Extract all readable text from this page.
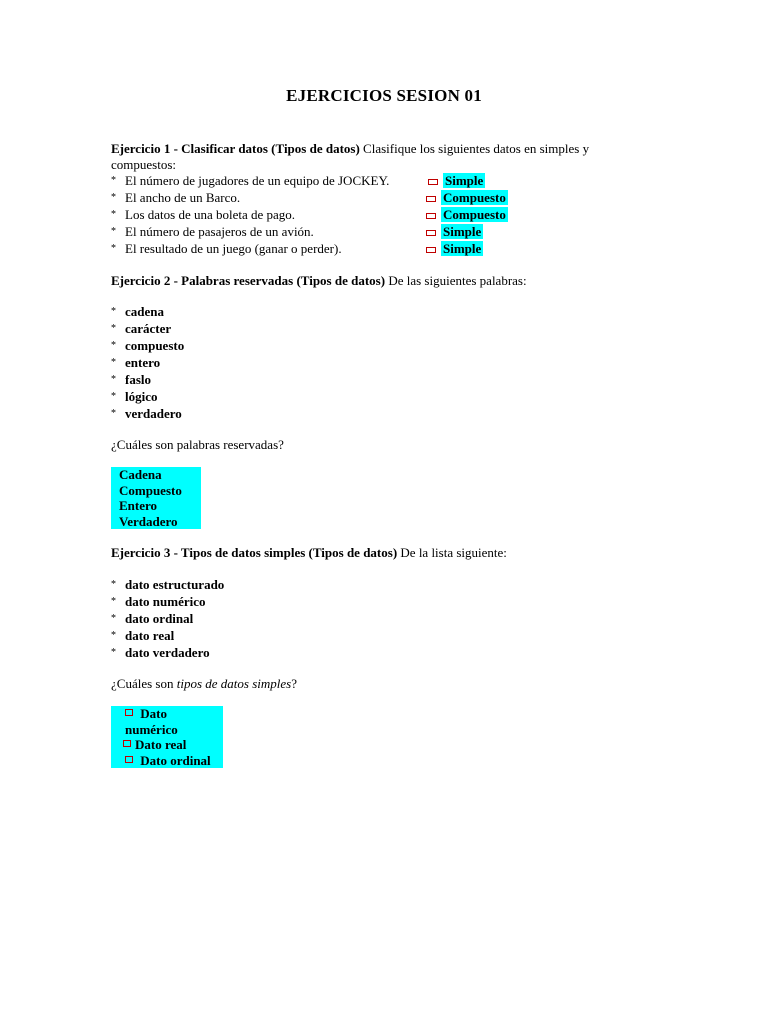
EJERCICIOS SESION 01
Ejercicio 1 - Clasificar datos (Tipos de datos) Clasifique los siguientes datos en simples y compuestos:
* El número de jugadores de un equipo de JOCKEY.	Simple
* El ancho de un Barco.	Compuesto
* Los datos de una boleta de pago.	Compuesto
* El número de pasajeros de un avión.	Simple
* El resultado de un juego (ganar o perder).	Simple
Ejercicio 2 - Palabras reservadas (Tipos de datos) De las siguientes palabras:
* cadena
* carácter
* compuesto
* entero
* faslo
* lógico
* verdadero
¿Cuáles son palabras reservadas?
Cadena
Compuesto
Entero
Verdadero
Ejercicio 3 - Tipos de datos simples (Tipos de datos) De la lista siguiente:
* dato estructurado
* dato numérico
* dato ordinal
* dato real
* dato verdadero
¿Cuáles son tipos de datos simples?
Dato numérico
Dato real
Dato ordinal
